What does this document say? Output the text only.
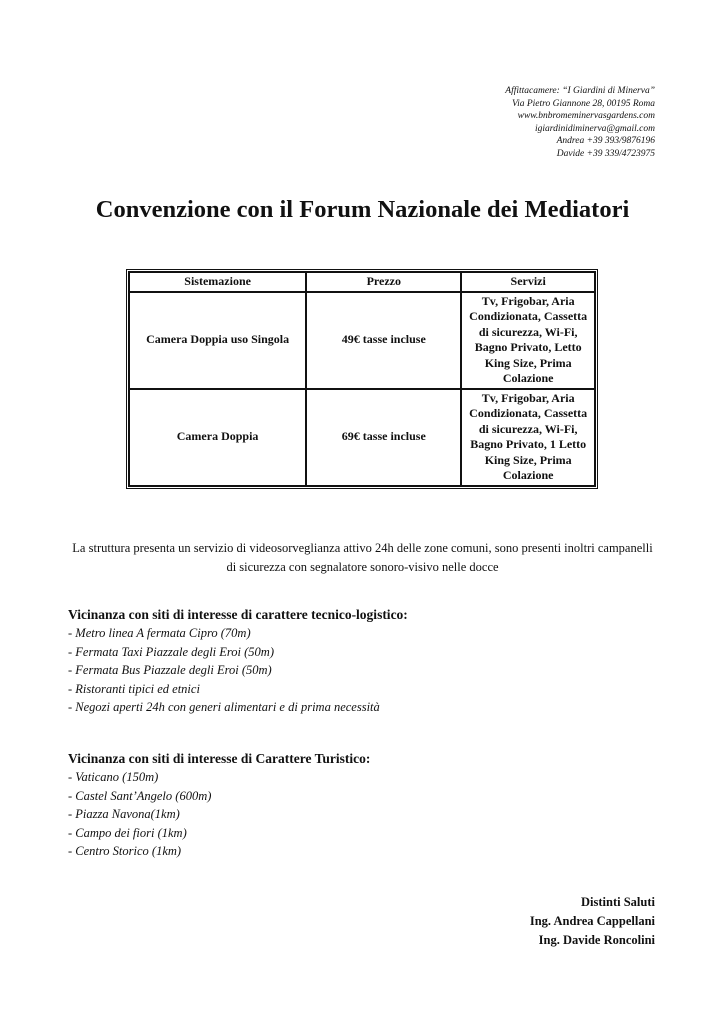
Affittacamere: “I Giardini di Minerva”
Via Pietro Giannone 28, 00195 Roma
www.bnbromeminervasgardens.com
igiardinidiminerva@gmail.com
Andrea +39 393/9876196
Davide +39 339/4723975
Convenzione con il Forum Nazionale dei Mediatori
Sistemazione	Prezzo	Servizi
Camera Doppia uso Singola	49€ tasse incluse	Tv, Frigobar, Aria Condizionata, Cassetta di sicurezza, Wi-Fi, Bagno Privato, Letto King Size, Prima Colazione
Camera Doppia	69€ tasse incluse	Tv, Frigobar, Aria Condizionata, Cassetta di sicurezza, Wi-Fi, Bagno Privato, 1 Letto King Size, Prima Colazione
La struttura presenta un servizio di videosorveglianza attivo 24h delle zone comuni, sono presenti inoltri campanelli di sicurezza con segnalatore sonoro-visivo nelle docce
Vicinanza con siti di interesse di carattere tecnico-logistico:
- Metro linea A fermata Cipro (70m)
- Fermata Taxi Piazzale degli Eroi (50m)
- Fermata Bus Piazzale degli Eroi (50m)
- Ristoranti tipici ed etnici
- Negozi aperti 24h con generi alimentari e di prima necessità
Vicinanza con siti di interesse di Carattere Turistico:
- Vaticano (150m)
- Castel Sant’Angelo (600m)
- Piazza Navona(1km)
- Campo dei fiori (1km)
- Centro Storico (1km)
Distinti Saluti
Ing. Andrea Cappellani
Ing. Davide Roncolini
